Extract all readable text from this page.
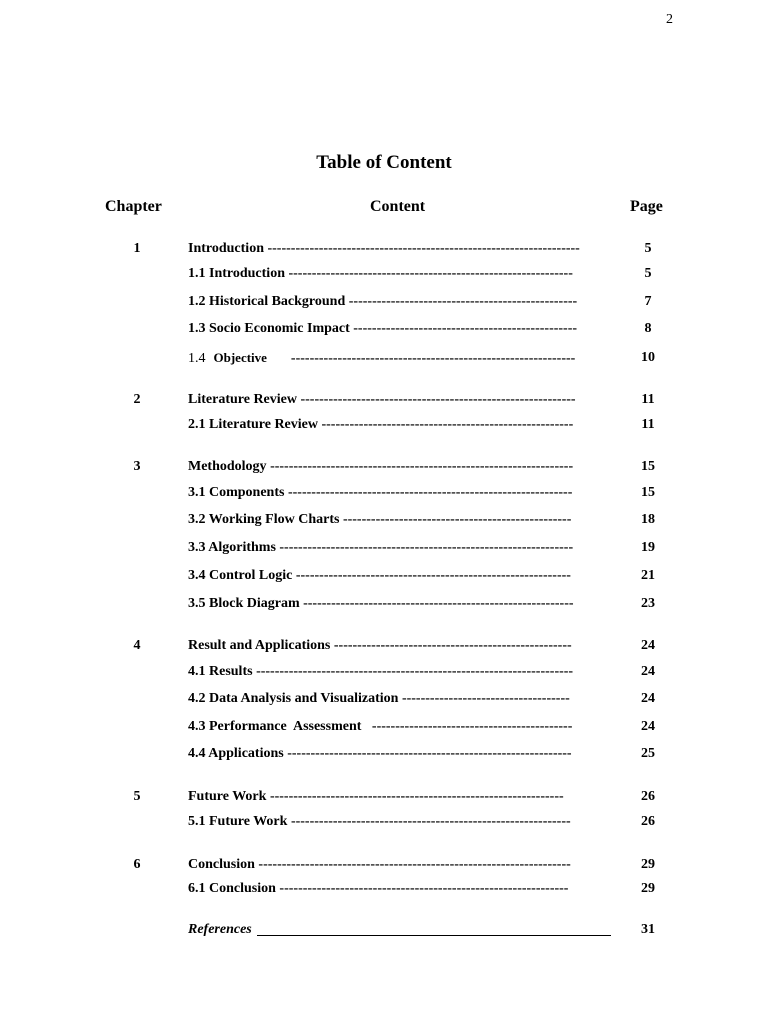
2
Table of Content
Chapter	Content	Page
1	Introduction -------------------------------------------------------------------	5
1.1 Introduction -------------------------------------------------------------	5
1.2 Historical Background -------------------------------------------------	7
1.3 Socio Economic Impact ------------------------------------------------	8
1.4 Objective -------------------------------------------------------------	10
2	Literature Review -----------------------------------------------------------	11
2.1 Literature Review ------------------------------------------------------	11
3	Methodology -----------------------------------------------------------------	15
3.1 Components -------------------------------------------------------------	15
3.2 Working Flow Charts -------------------------------------------------	18
3.3 Algorithms ---------------------------------------------------------------	19
3.4 Control Logic -----------------------------------------------------------	21
3.5 Block Diagram ----------------------------------------------------------	23
4	Result and Applications ---------------------------------------------------	24
4.1 Results --------------------------------------------------------------------	24
4.2 Data Analysis and Visualization ------------------------------------	24
4.3 Performance  Assessment   -------------------------------------------	24
4.4 Applications -------------------------------------------------------------	25
5	Future Work ---------------------------------------------------------------	26
5.1 Future Work ------------------------------------------------------------	26
6	Conclusion -------------------------------------------------------------------	29
6.1 Conclusion --------------------------------------------------------------	29
References	31
